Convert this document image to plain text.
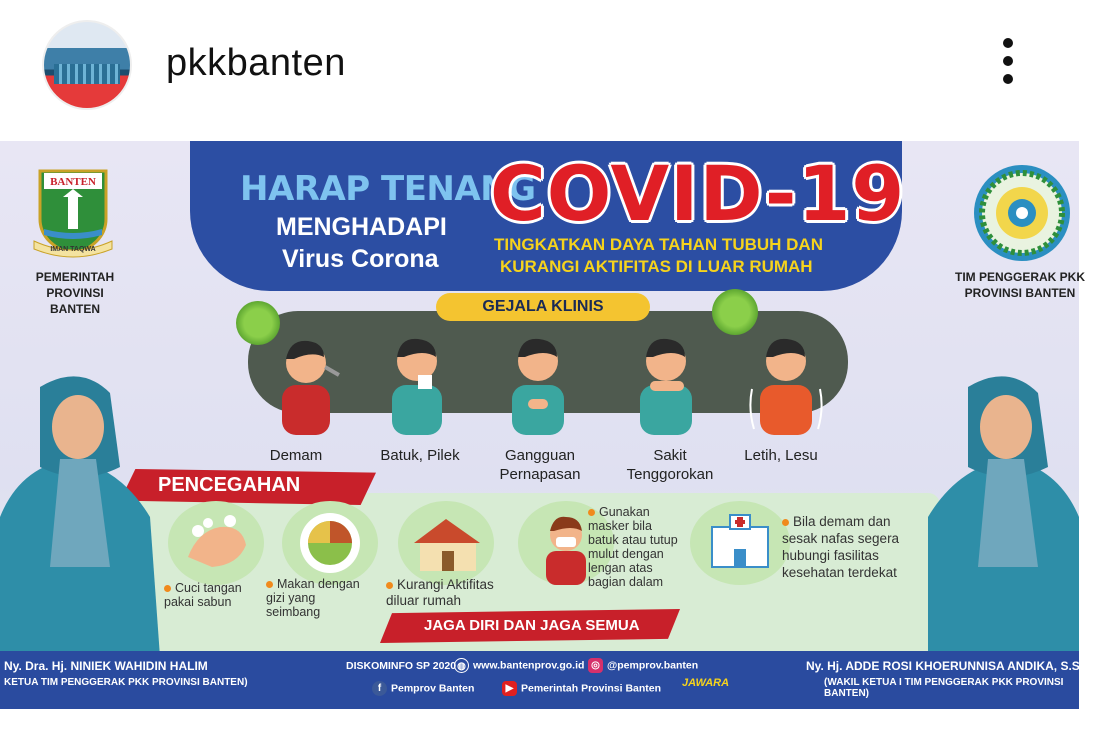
pkkbanten
HARAP TENANG
MENGHADAPI
Virus Corona
COVID-19
TINGKATKAN DAYA TAHAN TUBUH DAN
KURANGI AKTIFITAS DI LUAR RUMAH
BANTEN
IMAN TAQWA
PEMERINTAH PROVINSI BANTEN
TIM PENGGERAK PKK PROVINSI BANTEN
GEJALA KLINIS
Demam	Batuk, Pilek	Gangguan Pernapasan
Sakit Tenggorokan
Letih, Lesu
PENCEGAHAN
Cuci tangan pakai sabun
Makan dengan gizi yang seimbang
Kurangi Aktifitas diluar rumah
Gunakan masker bila batuk atau tutup mulut dengan lengan atas bagian dalam
Bila demam dan sesak nafas segera hubungi fasilitas kesehatan terdekat
JAGA DIRI DAN JAGA SEMUA
Ny. Dra. Hj. NINIEK WAHIDIN HALIM
KETUA TIM PENGGERAK PKK PROVINSI BANTEN)
Ny. Hj. ADDE ROSI KHOERUNNISA ANDIKA, S.Sos., M
(WAKIL KETUA I TIM PENGGERAK PKK PROVINSI BANTEN)
DISKOMINFO SP 2020 ◍ www.bantenprov.go.id ◎ @pemprov.banten
f Pemprov Banten	▶ Pemerintah Provinsi Banten JAWARA
